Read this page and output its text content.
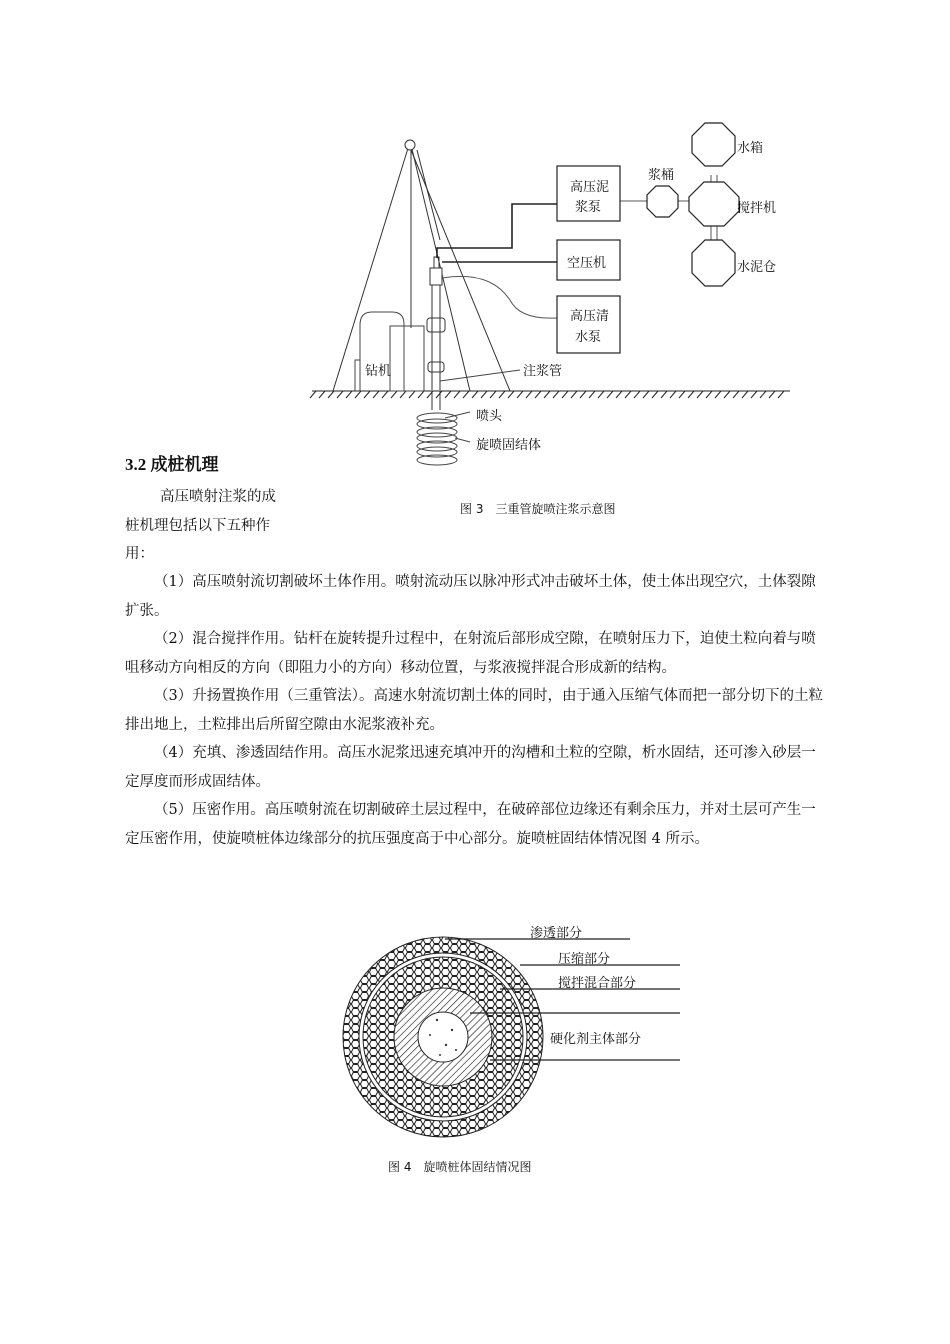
水箱
浆桶
搅拌机
水泥仓
高压泥
浆泵
空压机
高压清
水泵
钻机	注浆管
喷头
旋喷固结体
图 3　三重管旋喷注浆示意图
3.2 成桩机理
高压喷射注浆的成
桩机理包括以下五种作
用：

（1）高压喷射流切割破坏土体作用。喷射流动压以脉冲形式冲击破坏土体，使土体出现空穴，土体裂隙扩张。

（2）混合搅拌作用。钻杆在旋转提升过程中，在射流后部形成空隙，在喷射压力下，迫使土粒向着与喷咀移动方向相反的方向（即阻力小的方向）移动位置，与浆液搅拌混合形成新的结构。

（3）升扬置换作用（三重管法）。高速水射流切割土体的同时，由于通入压缩气体而把一部分切下的土粒排出地上，土粒排出后所留空隙由水泥浆液补充。

（4）充填、渗透固结作用。高压水泥浆迅速充填冲开的沟槽和土粒的空隙，析水固结，还可渗入砂层一定厚度而形成固结体。

（5）压密作用。高压喷射流在切割破碎土层过程中，在破碎部位边缘还有剩余压力，并对土层可产生一定压密作用，使旋喷桩体边缘部分的抗压强度高于中心部分。旋喷桩固结体情况图 4 所示。

渗透部分
压缩部分
搅拌混合部分
硬化剂主体部分
图 4　旋喷桩体固结情况图
